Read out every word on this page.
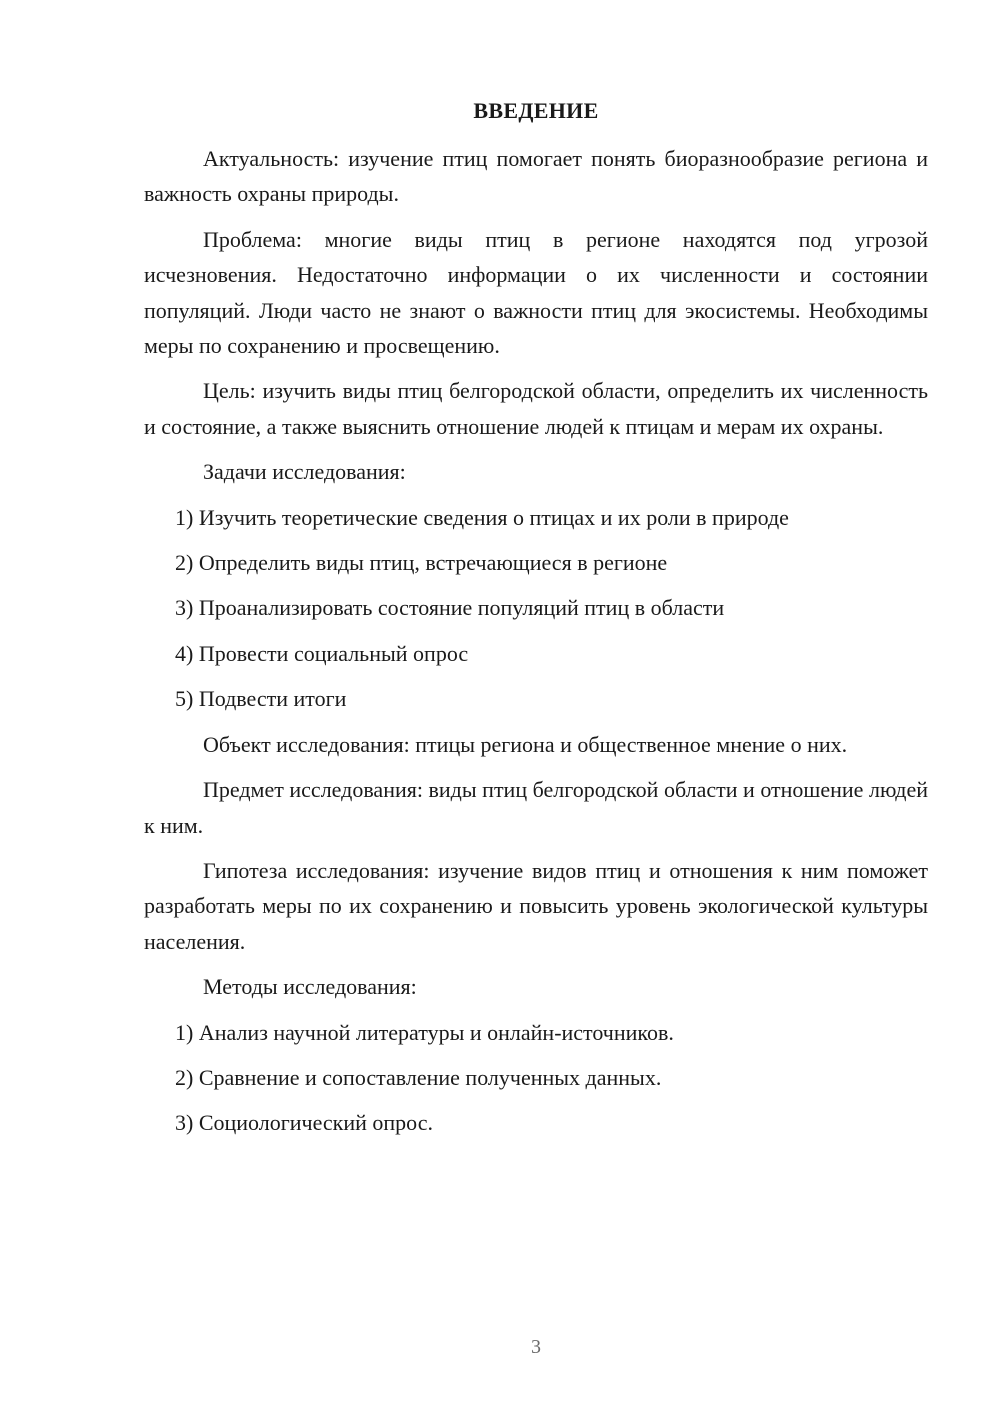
ВВЕДЕНИЕ

Актуальность: изучение птиц помогает понять биоразнообразие региона и важность охраны природы.

Проблема: многие виды птиц в регионе находятся под угрозой исчезновения. Недостаточно информации о их численности и состоянии популяций. Люди часто не знают о важности птиц для экосистемы. Необходимы меры по сохранению и просвещению.

Цель: изучить виды птиц белгородской области, определить их численность и состояние, а также выяснить отношение людей к птицам и мерам их охраны.

Задачи исследования:

1) Изучить теоретические сведения о птицах и их роли в природе

2) Определить виды птиц, встречающиеся в регионе

3) Проанализировать состояние популяций птиц в области

4) Провести социальный опрос

5) Подвести итоги

Объект исследования: птицы региона и общественное мнение о них.

Предмет исследования: виды птиц белгородской области и отношение людей к ним.

Гипотеза исследования: изучение видов птиц и отношения к ним поможет разработать меры по их сохранению и повысить уровень экологической культуры населения.

Методы исследования:

1) Анализ научной литературы и онлайн-источников.

2) Сравнение и сопоставление полученных данных.

3) Социологический опрос.

3
